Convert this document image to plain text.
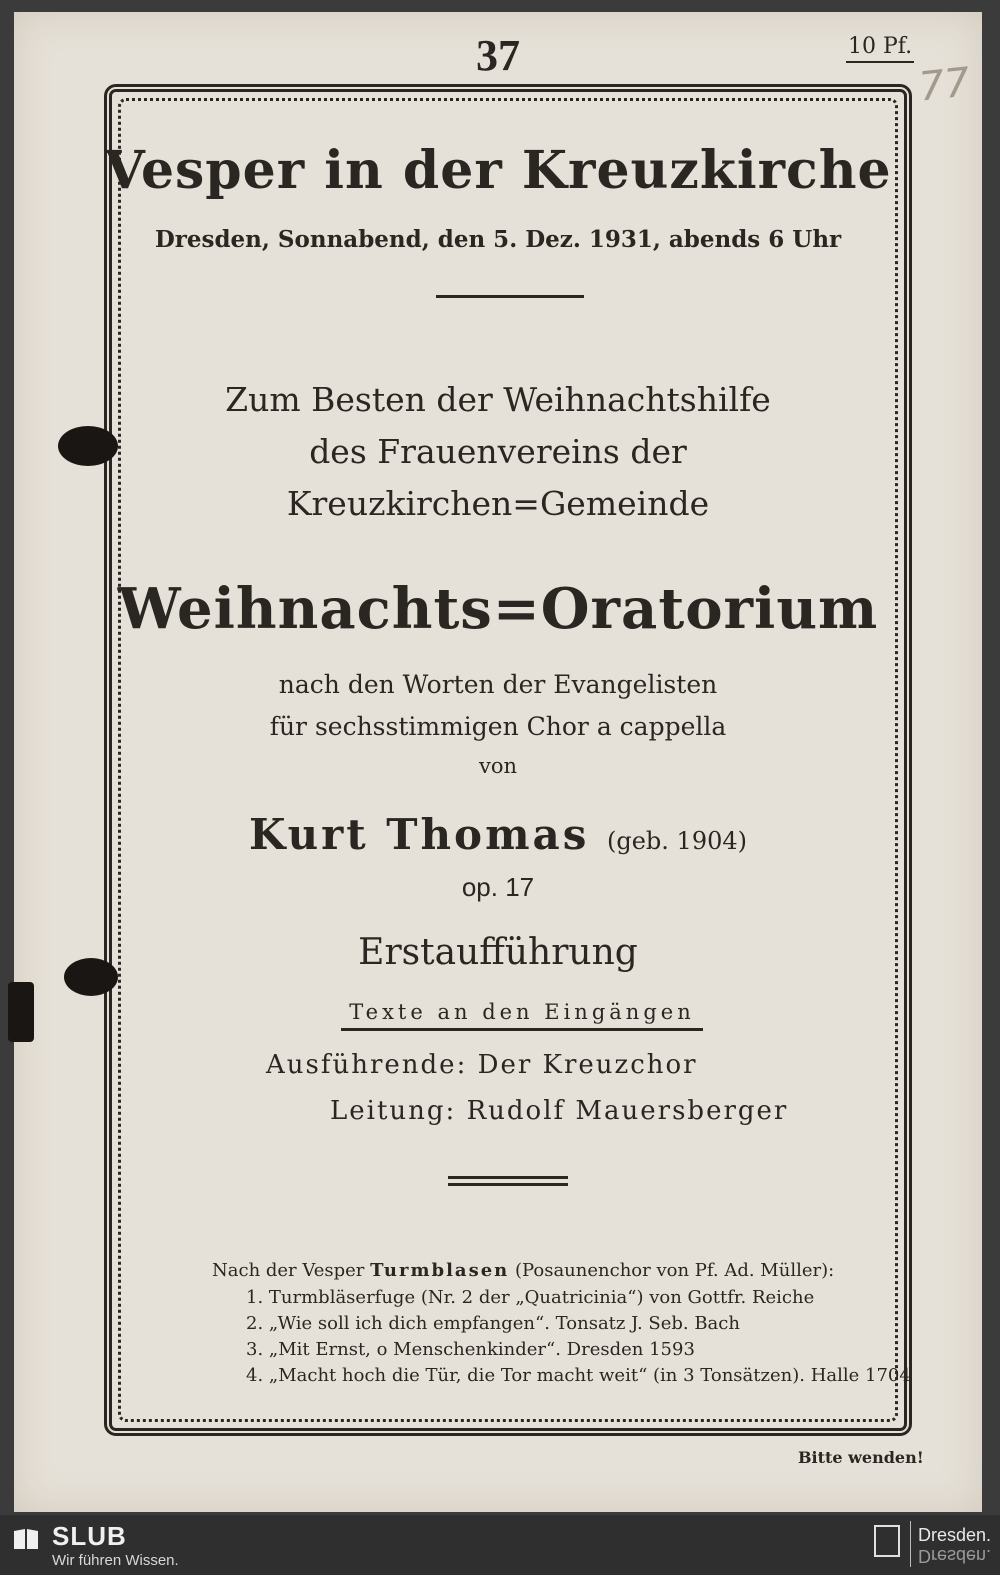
37	10 Pf.
77
Vesper in der Kreuzkirche
Dresden, Sonnabend, den 5. Dez. 1931, abends 6 Uhr
Zum Besten der Weihnachtshilfe
des Frauenvereins der
Kreuzkirchen=Gemeinde
Weihnachts=Oratorium
nach den Worten der Evangelisten
für sechsstimmigen Chor a cappella
von
Kurt Thomas (geb. 1904)
op. 17
Erstaufführung
Texte an den Eingängen
Ausführende: Der Kreuzchor
Leitung: Rudolf Mauersberger
Nach der Vesper Turmblasen (Posaunenchor von Pf. Ad. Müller):
1. Turmbläserfuge (Nr. 2 der „Quatricinia“) von Gottfr. Reiche
2. „Wie soll ich dich empfangen“. Tonsatz J. Seb. Bach
3. „Mit Ernst, o Menschenkinder“. Dresden 1593
4. „Macht hoch die Tür, die Tor macht weit“ (in 3 Tonsätzen). Halle 1704
Bitte wenden!
SLUB
Wir führen Wissen.
Dresden.
Dresden.
